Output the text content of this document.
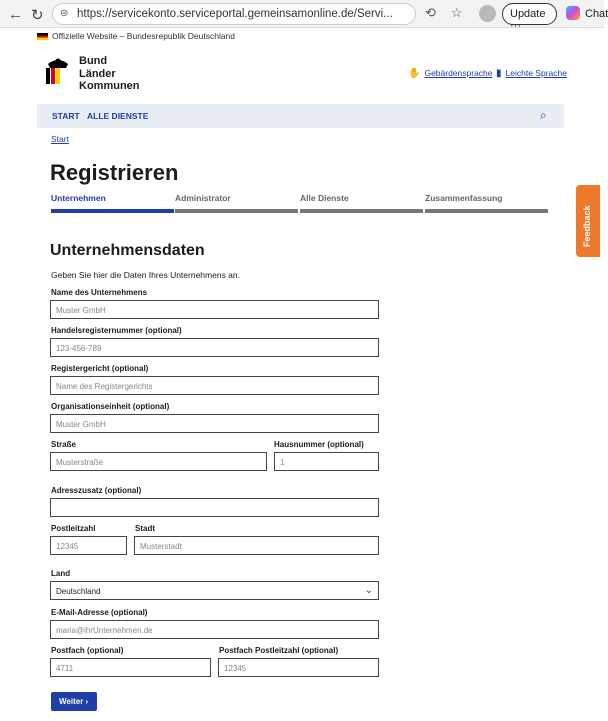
← ↻ ⊜ https://servicekonto.serviceportal.gemeinsamonline.de/Servi...	⟲ ☆	Update ···
Chat
Offizielle Website – Bundesrepublik Deutschland
Bund
Länder
Kommunen
✋ Gebärdensprache ▮ Leichte Sprache
START ALLE DIENSTE	⌕
Start
Registrieren
Unternehmen	Administrator	Alle Dienste	Zusammenfassung
Feedback
Unternehmensdaten
Geben Sie hier die Daten Ihres Unternehmens an.
Name des Unternehmens
Muster GmbH
Handelsregisternummer (optional)
123-456-789
Registergericht (optional)
Name des Registergerichts
Organisationseinheit (optional)
Muster GmbH
Straße
Musterstraße
Hausnummer (optional)
1
Adresszusatz (optional)
Postleitzahl
12345
Stadt
Musterstadt
Land
Deutschland	⌄
E-Mail-Adresse (optional)
maria@ihrUnternehmen.de
Postfach (optional)
4711
Postfach Postleitzahl (optional)
12345
Weiter ›
